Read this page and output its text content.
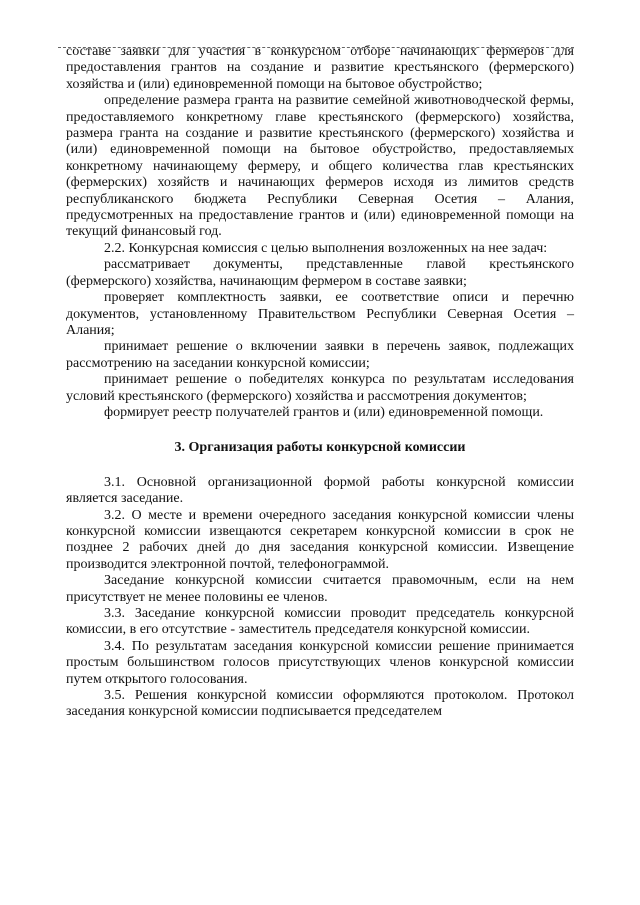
составе заявки для участия в конкурсном отборе начинающих фермеров для предоставления грантов на создание и развитие крестьянского (фермерского) хозяйства и (или) единовременной помощи на бытовое обустройство;

определение размера гранта на развитие семейной животноводческой фермы, предоставляемого конкретному главе крестьянского (фермерского) хозяйства, размера гранта на создание и развитие крестьянского (фермерского) хозяйства и (или) единовременной помощи на бытовое обустройство, предоставляемых конкретному начинающему фермеру, и общего количества глав крестьянских (фермерских) хозяйств и начинающих фермеров исходя из лимитов средств республиканского бюджета Республики Северная Осетия – Алания, предусмотренных на предоставление грантов и (или) единовременной помощи на текущий финансовый год.

2.2. Конкурсная комиссия с целью выполнения возложенных на нее задач:

рассматривает документы, представленные главой крестьянского (фермерского) хозяйства, начинающим фермером в составе заявки;

проверяет комплектность заявки, ее соответствие описи и перечню документов, установленному Правительством Республики Северная Осетия – Алания;

принимает решение о включении заявки в перечень заявок, подлежащих рассмотрению на заседании конкурсной комиссии;

принимает решение о победителях конкурса по результатам исследования условий крестьянского (фермерского) хозяйства и рассмотрения документов;

формирует реестр получателей грантов и (или) единовременной помощи.

3. Организация работы конкурсной комиссии

3.1. Основной организационной формой работы конкурсной комиссии является заседание.

3.2. О месте и времени очередного заседания конкурсной комиссии члены конкурсной комиссии извещаются секретарем конкурсной комиссии в срок не позднее 2 рабочих дней до дня заседания конкурсной комиссии. Извещение производится электронной почтой, телефонограммой.

Заседание конкурсной комиссии считается правомочным, если на нем присутствует не менее половины ее членов.

3.3. Заседание конкурсной комиссии проводит председатель конкурсной комиссии, в его отсутствие - заместитель председателя конкурсной комиссии.

3.4. По результатам заседания конкурсной комиссии решение принимается простым большинством голосов присутствующих членов конкурсной комиссии путем открытого голосования.

3.5. Решения конкурсной комиссии оформляются протоколом. Протокол заседания конкурсной комиссии подписывается председателем
